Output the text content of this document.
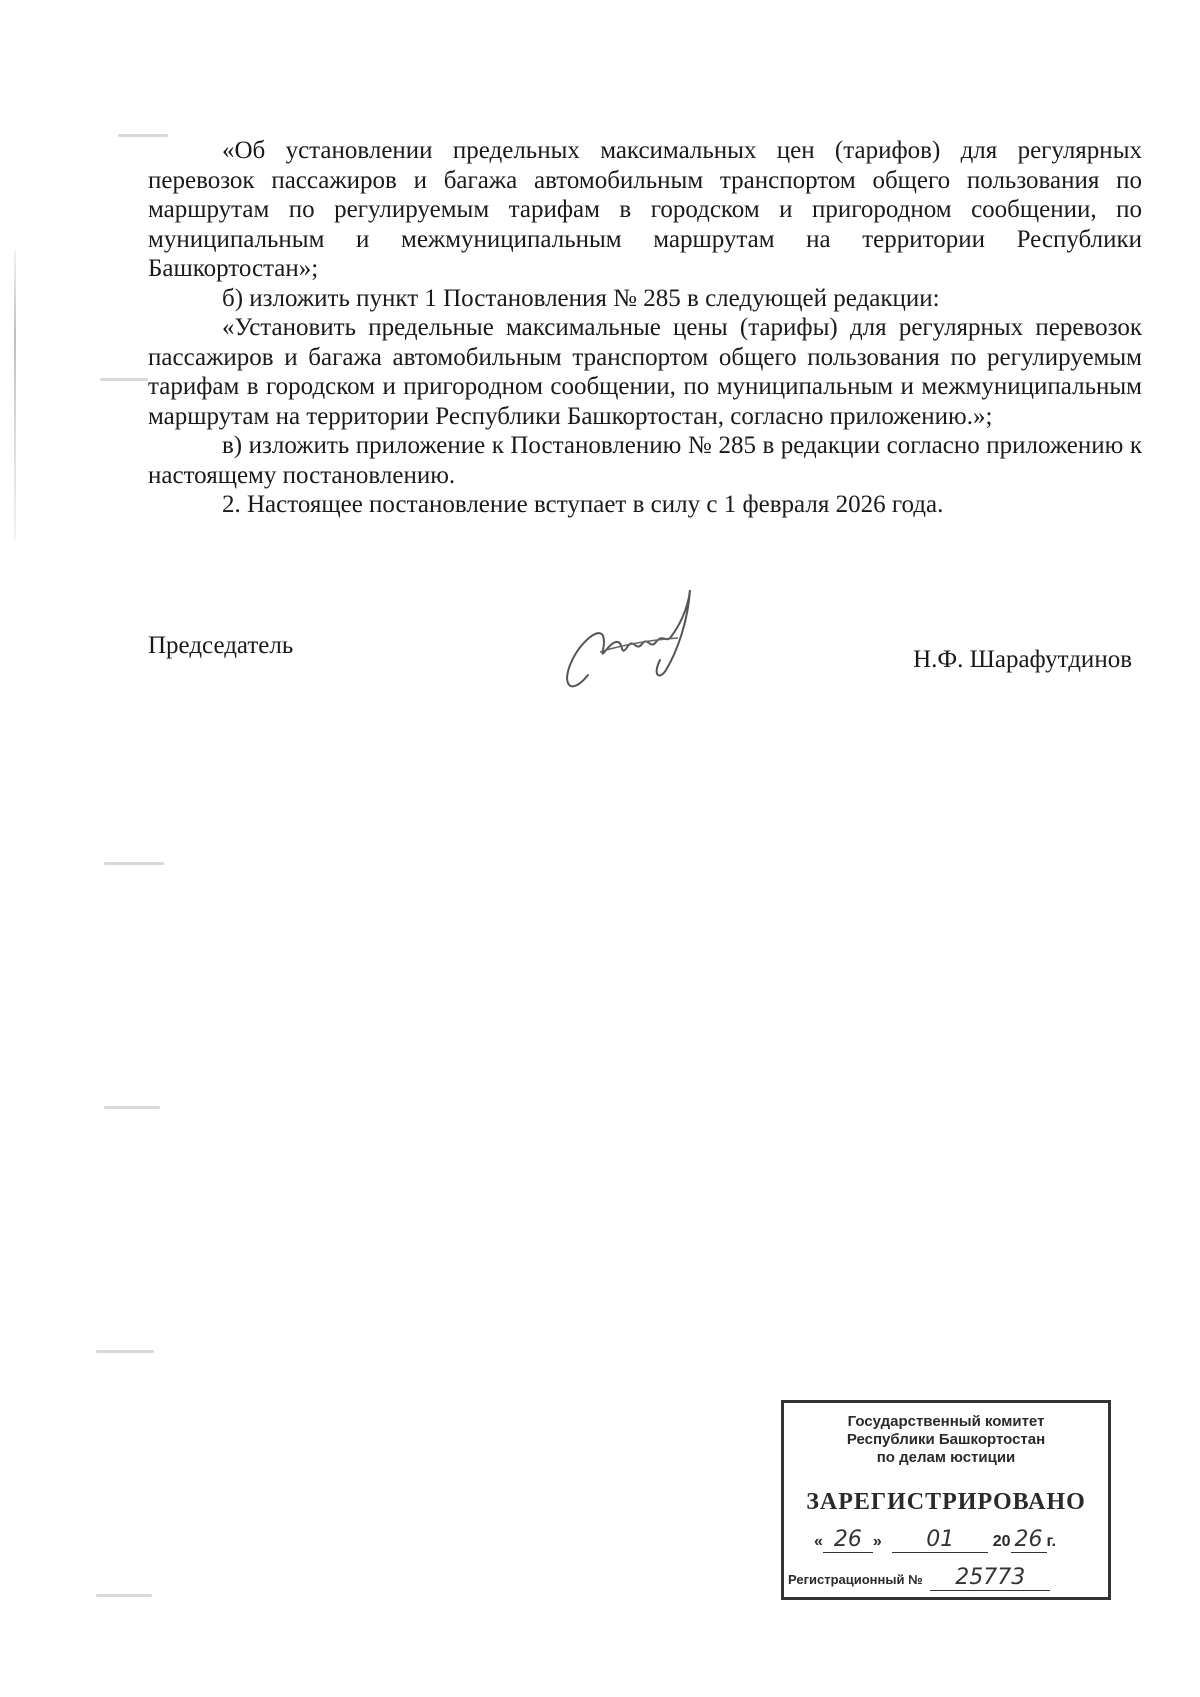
«Об установлении предельных максимальных цен (тарифов) для регулярных перевозок пассажиров и багажа автомобильным транспортом общего пользования по маршрутам по регулируемым тарифам в городском и пригородном сообщении, по муниципальным и межмуниципальным маршрутам на территории Республики Башкортостан»;

б) изложить пункт 1 Постановления № 285 в следующей редакции:

«Установить предельные максимальные цены (тарифы) для регулярных перевозок пассажиров и багажа автомобильным транспортом общего пользования по регулируемым тарифам в городском и пригородном сообщении, по муниципальным и межмуниципальным маршрутам на территории Республики Башкортостан, согласно приложению.»;

в) изложить приложение к Постановлению № 285 в редакции согласно приложению к настоящему постановлению.

2. Настоящее постановление вступает в силу с 1 февраля 2026 года.

Председатель
Н.Ф. Шарафутдинов
Государственный комитет
Республики Башкортостан
по делам юстиции
ЗАРЕГИСТРИРОВАНО
« 26 » 01 20 26 г.
Регистрационный № 25773
